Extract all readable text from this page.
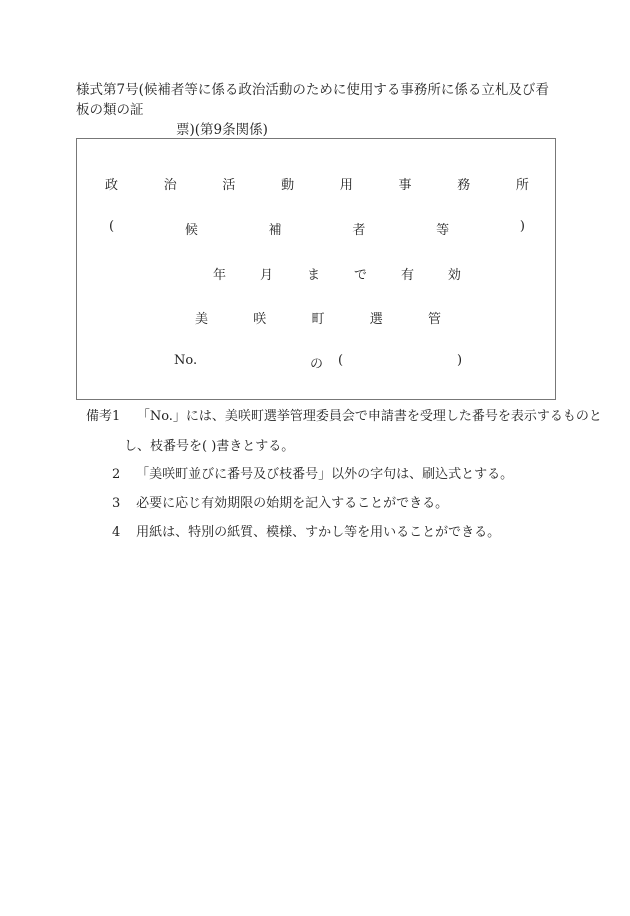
様式第7号(候補者等に係る政治活動のために使用する事務所に係る立札及び看板の類の証
票)(第9条関係)
政	治	活	動	用	事	務	所
(	候	補	者	等	)
年	月	ま	で	有	効
美	咲	町	選	管
No.	の (	)
備考1 「No.」には、美咲町選挙管理委員会で申請書を受理した番号を表示するものと
し、枝番号を( )書きとする。
2 「美咲町並びに番号及び枝番号」以外の字句は、刷込式とする。
3 必要に応じ有効期限の始期を記入することができる。
4 用紙は、特別の紙質、模様、すかし等を用いることができる。
